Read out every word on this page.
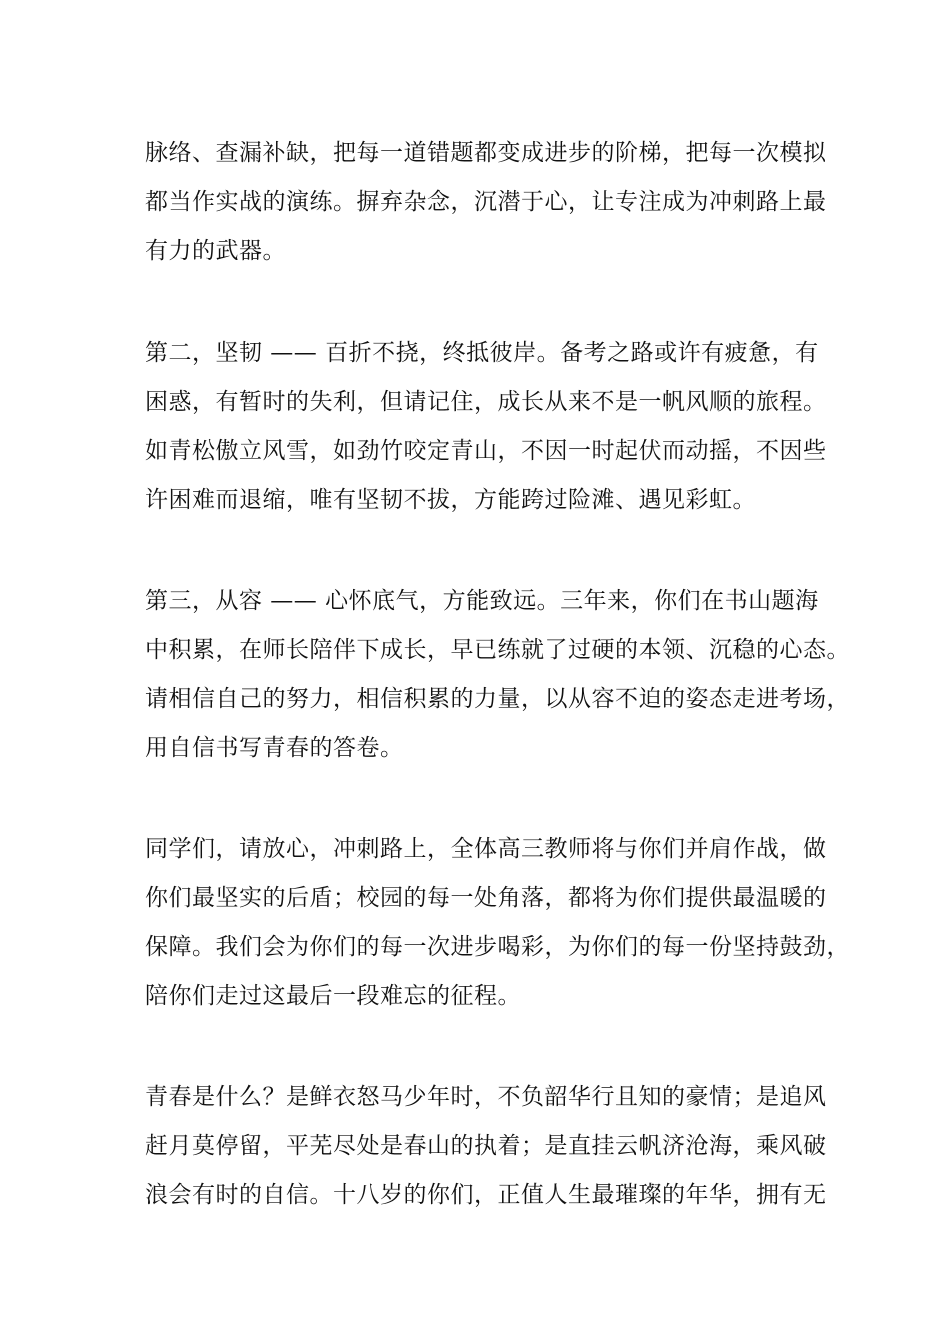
脉络、查漏补缺，把每一道错题都变成进步的阶梯，把每一次模拟
都当作实战的演练。摒弃杂念，沉潜于心，让专注成为冲刺路上最
有力的武器。
第二，坚韧 —— 百折不挠，终抵彼岸。备考之路或许有疲惫，有
困惑，有暂时的失利，但请记住，成长从来不是一帆风顺的旅程。
如青松傲立风雪，如劲竹咬定青山，不因一时起伏而动摇，不因些
许困难而退缩，唯有坚韧不拔，方能跨过险滩、遇见彩虹。
第三，从容 —— 心怀底气，方能致远。三年来，你们在书山题海
中积累，在师长陪伴下成长，早已练就了过硬的本领、沉稳的心态。
请相信自己的努力，相信积累的力量，以从容不迫的姿态走进考场，
用自信书写青春的答卷。
同学们，请放心，冲刺路上，全体高三教师将与你们并肩作战，做
你们最坚实的后盾；校园的每一处角落，都将为你们提供最温暖的
保障。我们会为你们的每一次进步喝彩，为你们的每一份坚持鼓劲，
陪你们走过这最后一段难忘的征程。
青春是什么？是鲜衣怒马少年时，不负韶华行且知的豪情；是追风
赶月莫停留，平芜尽处是春山的执着；是直挂云帆济沧海，乘风破
浪会有时的自信。十八岁的你们，正值人生最璀璨的年华，拥有无
